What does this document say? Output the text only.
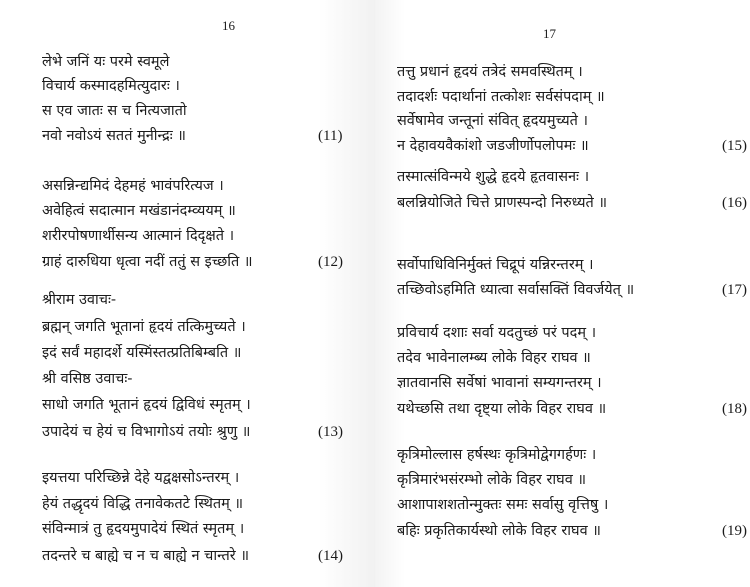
16
लेभे जनिं यः परमे स्वमूले
विचार्य कस्मादहमित्युदारः ।
स एव जातः स च नित्यजातो
नवो नवोऽयं सततं मुनीन्द्रः ॥	(11)
असन्निन्द्यमिदं देहमहं भावंपरित्यज ।
अवेहित्वं सदात्मान मखंडानंदम्व्ययम् ॥
शरीरपोषणार्थीसन्य आत्मानं दिदृक्षते ।
ग्राहं दारुधिया धृत्वा नदीं ततुं स इच्छति ॥	(12)
श्रीराम उवाचः-
ब्रह्मन् जगति भूतानां हृदयं तत्किमुच्यते ।
इदं सर्वं महादर्शे यस्मिंस्तत्प्रतिबिम्बति ॥
श्री वसिष्ठ उवाचः-
साधो जगति भूतानं हृदयं द्विविधं स्मृतम् ।
उपादेयं च हेयं च विभागोऽयं तयोः श्रुणु ॥	(13)
इयत्तया परिच्छिन्ने देहे यद्वक्षसोऽन्तरम् ।
हेयं तद्धृदयं विद्धि तनावेकतटे स्थितम् ॥
संविन्मात्रं तु हृदयमुपादेयं स्थितं स्मृतम् ।
तदन्तरे च बाह्ये च न च बाह्ये न चान्तरे ॥	(14)
17
तत्तु प्रधानं हृदयं तत्रेदं समवस्थितम् ।
तदादर्शः पदार्थानां तत्कोशः सर्वसंपदाम् ॥
सर्वेषामेव जन्तूनां संवित् हृदयमुच्यते ।
न देहावयवैकांशो जडजीर्णोपलोपमः ॥	(15)
तस्मात्संविन्मये शुद्धे हृदये हृतवासनः ।
बलन्नियोजिते चित्ते प्राणस्पन्दो निरुध्यते ॥	(16)
सर्वोपाधिविनिर्मुक्तं चिद्रूपं यन्निरन्तरम् ।
तच्छिवोऽहमिति ध्यात्वा सर्वासक्तिं विवर्जयेत् ॥	(17)
प्रविचार्य दशाः सर्वा यदतुच्छं परं पदम् ।
तदेव भावेनालम्ब्य लोके विहर राघव ॥
ज्ञातवानसि सर्वेषां भावानां सम्यगन्तरम् ।
यथेच्छसि तथा दृष्ट्या लोके विहर राघव ॥	(18)
कृत्रिमोल्लास हर्षस्थः कृत्रिमोद्वेगगर्हणः ।
कृत्रिमारंभसंरम्भो लोके विहर राघव ॥
आशापाशशतोन्मुक्तः समः सर्वासु वृत्तिषु ।
बहिः प्रकृतिकार्यस्थो लोके विहर राघव ॥	(19)
